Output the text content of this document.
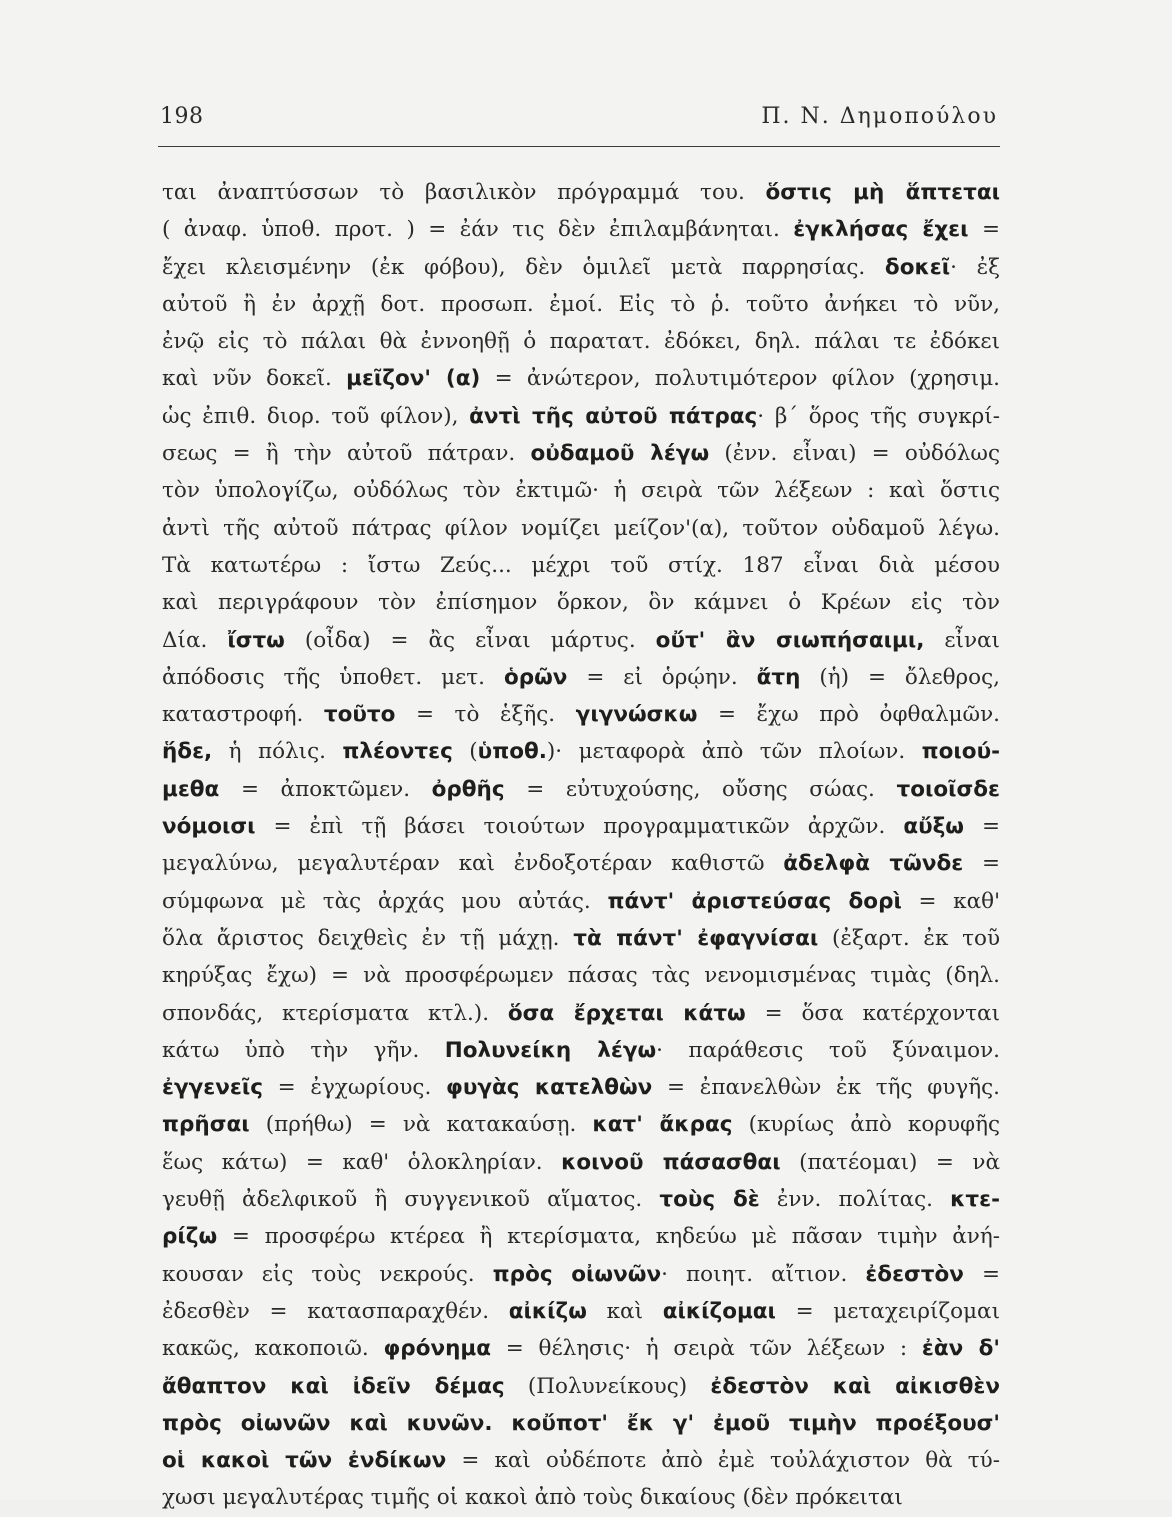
198	Π. Ν. Δημοπούλου
ται ἀναπτύσσων τὸ βασιλικὸν πρόγραμμά του. ὅστις μὴ ἅπτεται
( ἀναφ. ὑποθ. προτ. ) = ἐάν τις δὲν ἐπιλαμβάνηται. ἐγκλήσας ἔχει =
ἔχει κλεισμένην (ἐκ φόβου), δὲν ὁμιλεῖ μετὰ παρρησίας. δοκεῖ· ἐξ
αὐτοῦ ἢ ἐν ἀρχῇ δοτ. προσωπ. ἐμοί. Εἰς τὸ ῥ. τοῦτο ἀνήκει τὸ νῦν,
ἐνῷ εἰς τὸ πάλαι θὰ ἐννοηθῇ ὁ παρατατ. ἐδόκει, δηλ. πάλαι τε ἐδόκει
καὶ νῦν δοκεῖ. μεῖζον' (α) = ἀνώτερον, πολυτιμότερον φίλον (χρησιμ.
ὡς ἐπιθ. διορ. τοῦ φίλον), ἀντὶ τῆς αὐτοῦ πάτρας· β΄ ὅρος τῆς συγκρί-
σεως = ἢ τὴν αὐτοῦ πάτραν. οὐδαμοῦ λέγω (ἐνν. εἶναι) = οὐδόλως
τὸν ὑπολογίζω, οὐδόλως τὸν ἐκτιμῶ· ἡ σειρὰ τῶν λέξεων : καὶ ὅστις
ἀντὶ τῆς αὐτοῦ πάτρας φίλον νομίζει μείζον'(α), τοῦτον οὐδαμοῦ λέγω.
Τὰ κατωτέρω : ἴστω Ζεύς... μέχρι τοῦ στίχ. 187 εἶναι διὰ μέσου
καὶ περιγράφουν τὸν ἐπίσημον ὅρκον, ὃν κάμνει ὁ Κρέων εἰς τὸν
Δία. ἴστω (οἶδα) = ἂς εἶναι μάρτυς. οὔτ' ἂν σιωπήσαιμι, εἶναι
ἀπόδοσις τῆς ὑποθετ. μετ. ὁρῶν = εἰ ὁρῴην. ἄτη (ἡ) = ὄλεθρος,
καταστροφή. τοῦτο = τὸ ἑξῆς. γιγνώσκω = ἔχω πρὸ ὀφθαλμῶν.
ἥδε, ἡ πόλις. πλέοντες (ὑποθ.)· μεταφορὰ ἀπὸ τῶν πλοίων. ποιού-
μεθα = ἀποκτῶμεν. ὀρθῆς = εὐτυχούσης, οὔσης σώας. τοιοῖσδε
νόμοισι = ἐπὶ τῇ βάσει τοιούτων προγραμματικῶν ἀρχῶν. αὔξω =
μεγαλύνω, μεγαλυτέραν καὶ ἐνδοξοτέραν καθιστῶ ἀδελφὰ τῶνδε =
σύμφωνα μὲ τὰς ἀρχάς μου αὐτάς. πάντ' ἀριστεύσας δορὶ = καθ'
ὅλα ἄριστος δειχθεὶς ἐν τῇ μάχῃ. τὰ πάντ' ἐφαγνίσαι (ἐξαρτ. ἐκ τοῦ
κηρύξας ἔχω) = νὰ προσφέρωμεν πάσας τὰς νενομισμένας τιμὰς (δηλ.
σπονδάς, κτερίσματα κτλ.). ὅσα ἔρχεται κάτω = ὅσα κατέρχονται
κάτω ὑπὸ τὴν γῆν. Πολυνείκη λέγω· παράθεσις τοῦ ξύναιμον.
ἐγγενεῖς = ἐγχωρίους. φυγὰς κατελθὼν = ἐπανελθὼν ἐκ τῆς φυγῆς.
πρῆσαι (πρήθω) = νὰ κατακαύσῃ. κατ' ἄκρας (κυρίως ἀπὸ κορυφῆς
ἕως κάτω) = καθ' ὁλοκληρίαν. κοινοῦ πάσασθαι (πατέομαι) = νὰ
γευθῇ ἀδελφικοῦ ἢ συγγενικοῦ αἵματος. τοὺς δὲ ἐνν. πολίτας. κτε-
ρίζω = προσφέρω κτέρεα ἢ κτερίσματα, κηδεύω μὲ πᾶσαν τιμὴν ἀνή-
κουσαν εἰς τοὺς νεκρούς. πρὸς οἰωνῶν· ποιητ. αἴτιον. ἐδεστὸν =
ἐδεσθὲν = κατασπαραχθέν. αἰκίζω καὶ αἰκίζομαι = μεταχειρίζομαι
κακῶς, κακοποιῶ. φρόνημα = θέλησις· ἡ σειρὰ τῶν λέξεων : ἐὰν δ'
ἄθαπτον καὶ ἰδεῖν δέμας (Πολυνείκους) ἐδεστὸν καὶ αἰκισθὲν
πρὸς οἰωνῶν καὶ κυνῶν. κοὔποτ' ἔκ γ' ἐμοῦ τιμὴν προέξουσ'
οἱ κακοὶ τῶν ἐνδίκων = καὶ οὐδέποτε ἀπὸ ἐμὲ τοὐλάχιστον θὰ τύ-
χωσι μεγαλυτέρας τιμῆς οἱ κακοὶ ἀπὸ τοὺς δικαίους (δὲν πρόκειται
